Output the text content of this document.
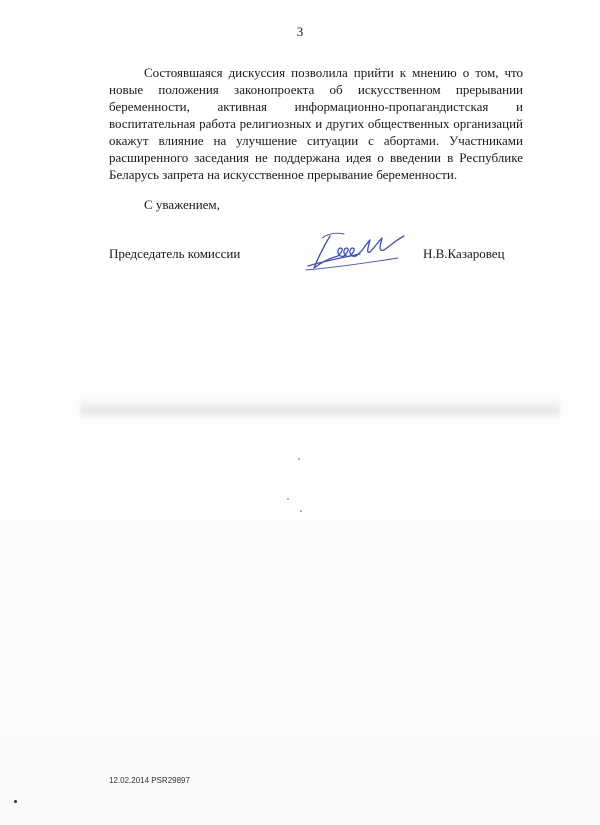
3
Состоявшаяся дискуссия позволила прийти к мнению о том, что
новые положения законопроекта об искусственном прерывании
беременности, активная информационно-пропагандистская и
воспитательная работа религиозных и других общественных организаций
окажут влияние на улучшение ситуации с абортами. Участниками
расширенного заседания не поддержана идея о введении в Республике
Беларусь запрета на искусственное прерывание беременности.
С уважением,
Председатель комиссии	Н.В.Казаровец
12.02.2014 PSR29897
